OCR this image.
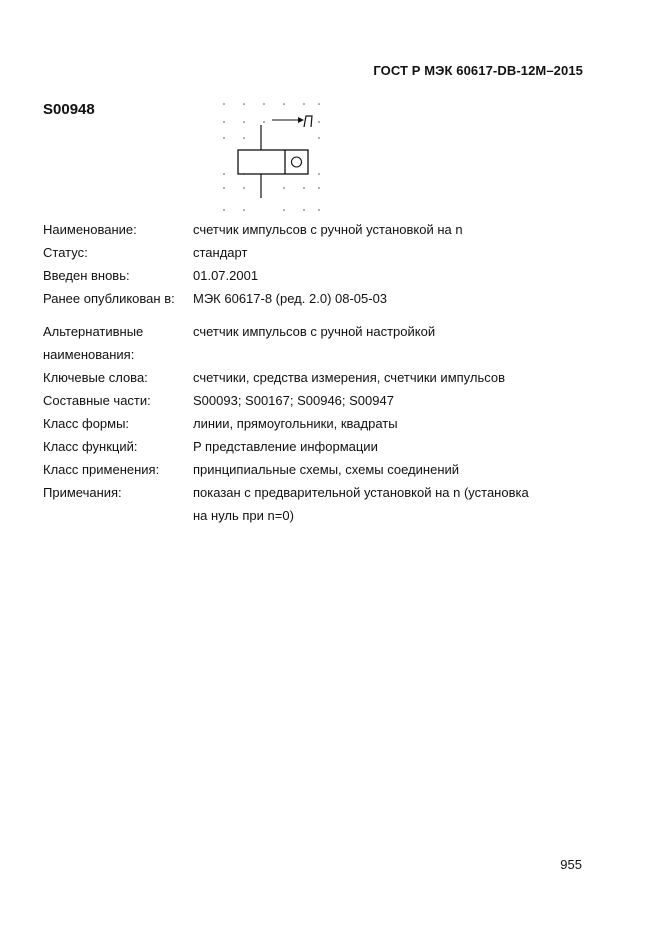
ГОСТ Р МЭК 60617-DB-12M–2015
S00948
Наименование:	счетчик импульсов с ручной установкой на n
Статус:	стандарт
Введен вновь:	01.07.2001
Ранее опубликован в:	МЭК 60617-8 (ред. 2.0) 08-05-03
Альтернативные наименования:
счетчик импульсов с ручной настройкой
Ключевые слова:	счетчики, средства измерения, счетчики импульсов
Составные части:	S00093; S00167; S00946; S00947
Класс формы:	линии, прямоугольники, квадраты
Класс функций:	P представление информации
Класс применения:	принципиальные схемы, схемы соединений
Примечания:	показан с предварительной установкой на n (установка на нуль при n=0)
955
